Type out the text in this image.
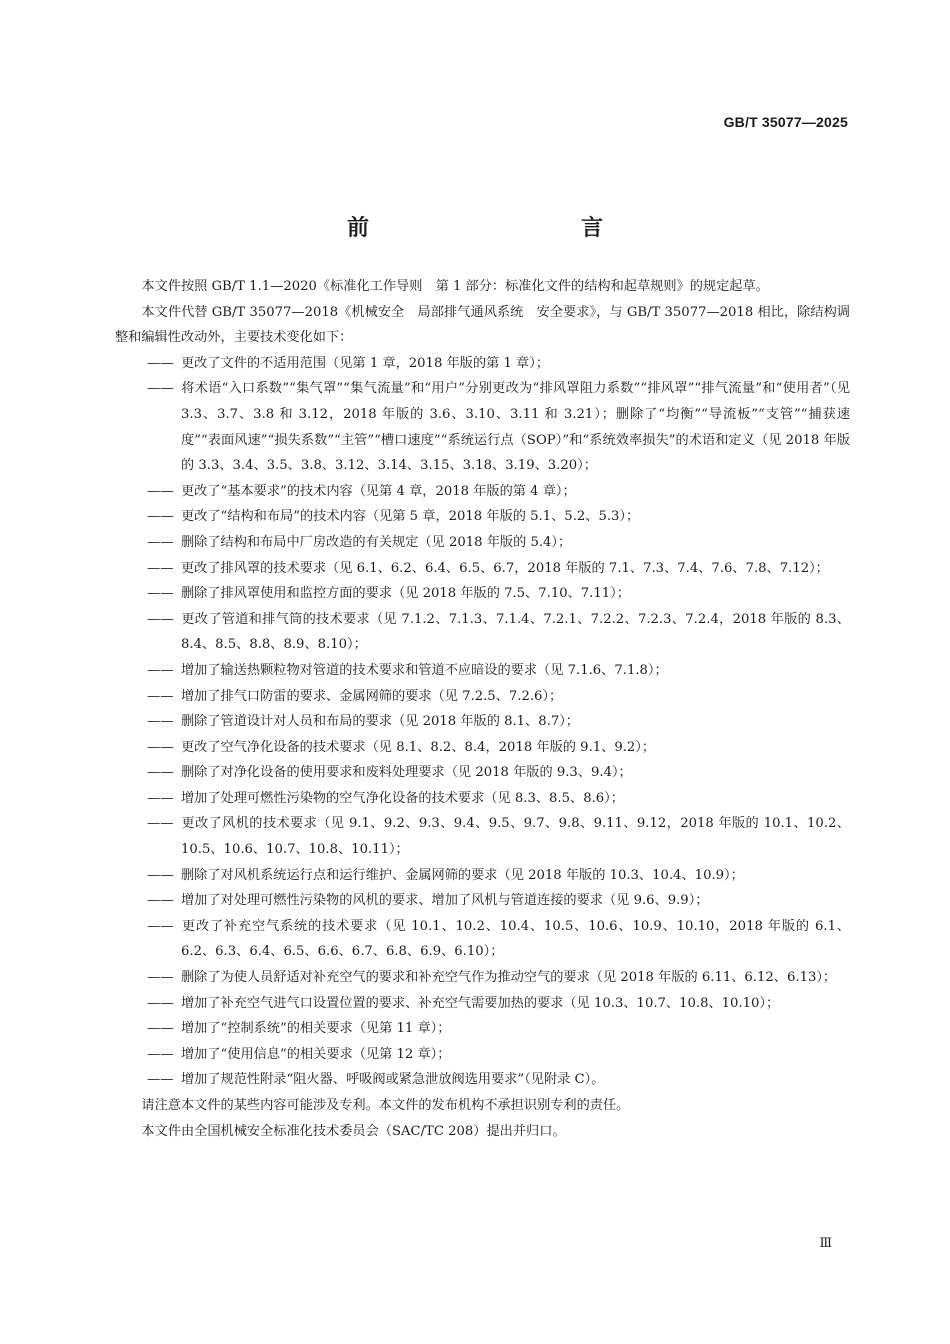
GB/T 35077—2025
前　　言

本文件按照 GB/T 1.1—2020《标准化工作导则　第 1 部分：标准化文件的结构和起草规则》的规定起草。

本文件代替 GB/T 35077—2018《机械安全　局部排气通风系统　安全要求》，与 GB/T 35077—2018 相比，除结构调整和编辑性改动外，主要技术变化如下：

—— 更改了文件的不适用范围（见第 1 章，2018 年版的第 1 章）；
—— 将术语“入口系数”“集气罩”“集气流量”和“用户”分别更改为“排风罩阻力系数”“排风罩”“排气流量”和“使用者”（见 3.3、3.7、3.8 和 3.12，2018 年版的 3.6、3.10、3.11 和 3.21）；删除了“均衡”“导流板”“支管”“捕获速度”“表面风速”“损失系数”“主管”“槽口速度”“系统运行点（SOP）”和“系统效率损失”的术语和定义（见 2018 年版的 3.3、3.4、3.5、3.8、3.12、3.14、3.15、3.18、3.19、3.20）；
—— 更改了“基本要求”的技术内容（见第 4 章，2018 年版的第 4 章）；
—— 更改了“结构和布局”的技术内容（见第 5 章，2018 年版的 5.1、5.2、5.3）；
—— 删除了结构和布局中厂房改造的有关规定（见 2018 年版的 5.4）；
—— 更改了排风罩的技术要求（见 6.1、6.2、6.4、6.5、6.7，2018 年版的 7.1、7.3、7.4、7.6、7.8、7.12）；
—— 删除了排风罩使用和监控方面的要求（见 2018 年版的 7.5、7.10、7.11）；
—— 更改了管道和排气筒的技术要求（见 7.1.2、7.1.3、7.1.4、7.2.1、7.2.2、7.2.3、7.2.4，2018 年版的 8.3、8.4、8.5、8.8、8.9、8.10）；
—— 增加了输送热颗粒物对管道的技术要求和管道不应暗设的要求（见 7.1.6、7.1.8）；
—— 增加了排气口防雷的要求、金属网筛的要求（见 7.2.5、7.2.6）；
—— 删除了管道设计对人员和布局的要求（见 2018 年版的 8.1、8.7）；
—— 更改了空气净化设备的技术要求（见 8.1、8.2、8.4，2018 年版的 9.1、9.2）；
—— 删除了对净化设备的使用要求和废料处理要求（见 2018 年版的 9.3、9.4）；
—— 增加了处理可燃性污染物的空气净化设备的技术要求（见 8.3、8.5、8.6）；
—— 更改了风机的技术要求（见 9.1、9.2、9.3、9.4、9.5、9.7、9.8、9.11、9.12，2018 年版的 10.1、10.2、10.5、10.6、10.7、10.8、10.11）；
—— 删除了对风机系统运行点和运行维护、金属网筛的要求（见 2018 年版的 10.3、10.4、10.9）；
—— 增加了对处理可燃性污染物的风机的要求、增加了风机与管道连接的要求（见 9.6、9.9）；
—— 更改了补充空气系统的技术要求（见 10.1、10.2、10.4、10.5、10.6、10.9、10.10，2018 年版的 6.1、6.2、6.3、6.4、6.5、6.6、6.7、6.8、6.9、6.10）；
—— 删除了为使人员舒适对补充空气的要求和补充空气作为推动空气的要求（见 2018 年版的 6.11、6.12、6.13）；
—— 增加了补充空气进气口设置位置的要求、补充空气需要加热的要求（见 10.3、10.7、10.8、10.10）；
—— 增加了“控制系统”的相关要求（见第 11 章）；
—— 增加了“使用信息”的相关要求（见第 12 章）；
—— 增加了规范性附录“阻火器、呼吸阀或紧急泄放阀选用要求”（见附录 C）。

请注意本文件的某些内容可能涉及专利。本文件的发布机构不承担识别专利的责任。

本文件由全国机械安全标准化技术委员会（SAC/TC 208）提出并归口。

Ⅲ
